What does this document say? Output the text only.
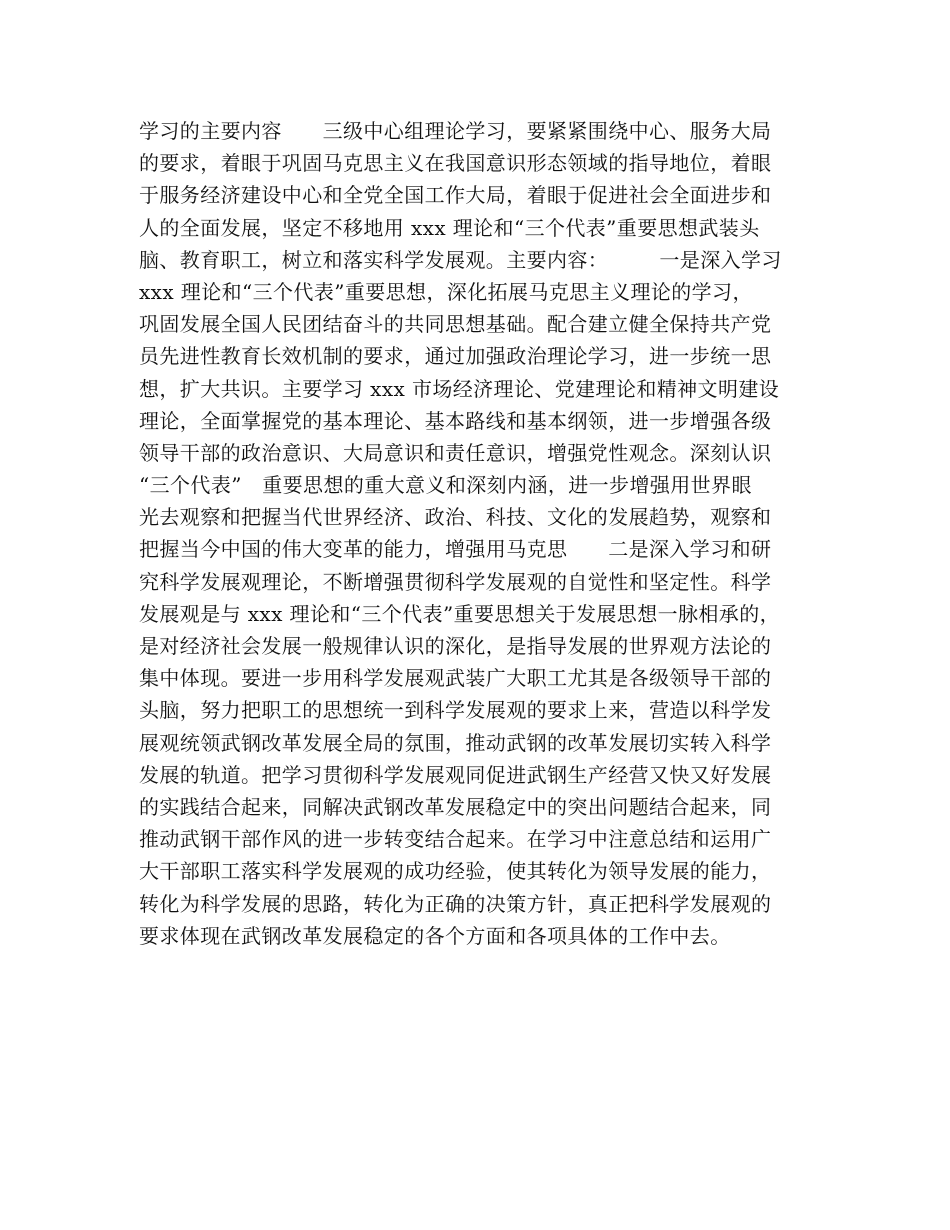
学习的主要内容　　三级中心组理论学习，要紧紧围绕中心、服务大局
的要求，着眼于巩固马克思主义在我国意识形态领域的指导地位，着眼
于服务经济建设中心和全党全国工作大局，着眼于促进社会全面进步和
人的全面发展，坚定不移地用 xxx 理论和“三个代表”重要思想武装头
脑、教育职工，树立和落实科学发展观。主要内容：　　　一是深入学习
xxx 理论和“三个代表”重要思想，深化拓展马克思主义理论的学习，
巩固发展全国人民团结奋斗的共同思想基础。配合建立健全保持共产党
员先进性教育长效机制的要求，通过加强政治理论学习，进一步统一思
想，扩大共识。主要学习 xxx 市场经济理论、党建理论和精神文明建设
理论，全面掌握党的基本理论、基本路线和基本纲领，进一步增强各级
领导干部的政治意识、大局意识和责任意识，增强党性观念。深刻认识
“三个代表”　重要思想的重大意义和深刻内涵，进一步增强用世界眼
光去观察和把握当代世界经济、政治、科技、文化的发展趋势，观察和
把握当今中国的伟大变革的能力，增强用马克思　　二是深入学习和研
究科学发展观理论，不断增强贯彻科学发展观的自觉性和坚定性。科学
发展观是与 xxx 理论和“三个代表”重要思想关于发展思想一脉相承的，
是对经济社会发展一般规律认识的深化，是指导发展的世界观方法论的
集中体现。要进一步用科学发展观武装广大职工尤其是各级领导干部的
头脑，努力把职工的思想统一到科学发展观的要求上来，营造以科学发
展观统领武钢改革发展全局的氛围，推动武钢的改革发展切实转入科学
发展的轨道。把学习贯彻科学发展观同促进武钢生产经营又快又好发展
的实践结合起来，同解决武钢改革发展稳定中的突出问题结合起来，同
推动武钢干部作风的进一步转变结合起来。在学习中注意总结和运用广
大干部职工落实科学发展观的成功经验，使其转化为领导发展的能力，
转化为科学发展的思路，转化为正确的决策方针，真正把科学发展观的
要求体现在武钢改革发展稳定的各个方面和各项具体的工作中去。
